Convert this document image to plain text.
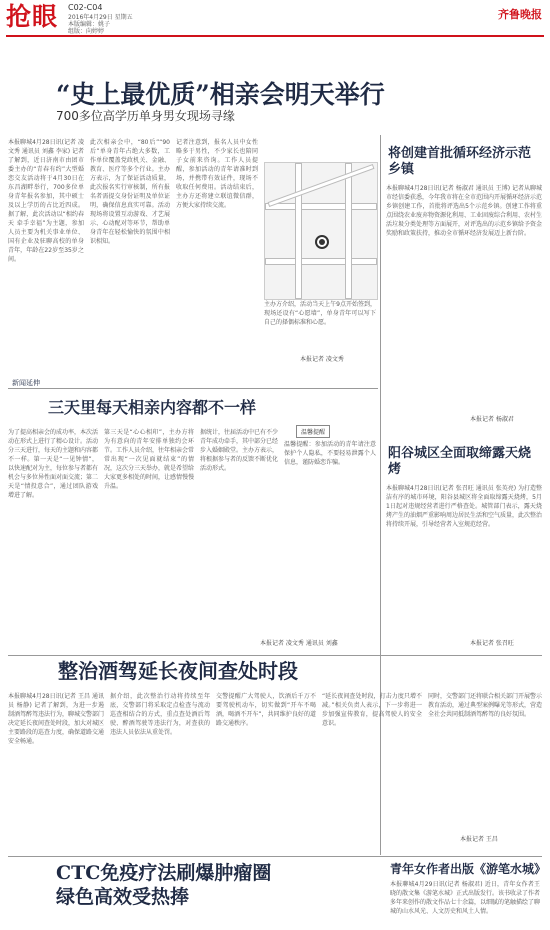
抢眼 C02-C04
2016年4月29日 星期五
本版编辑：姚子
组版：向婷婷
齐鲁晚报
“史上最优质”相亲会明天举行
700多位高学历单身男女现场寻缘
本报聊城4月28日讯(记者 凌文秀 通讯员 刘鑫 李家) 记者了解到，近日济南市由团市委主办的“青春有约”大型婚恋交友活动将于4月30日在东昌湖畔举行，700多位单身青年报名参加，其中硕士及以上学历的占比近四成。据了解，此次活动以“相约春天 牵手幸福”为主题，参加人员主要为机关事业单位、国有企业及驻聊高校的单身青年，年龄在22岁至35岁之间。
此次相亲会中，“80后”“90后”单身青年占绝大多数，工作单位覆盖党政机关、金融、教育、医疗等多个行业。主办方表示，为了保证活动质量，此次报名实行审核制，所有报名者需提交身份证明及单位证明，确保信息真实可靠。活动现场将设置互动游戏、才艺展示、心动配对等环节，帮助单身青年在轻松愉快的氛围中相识相知。
记者注意到，报名人员中女性略多于男性，不少家长也陪同子女前来咨询。工作人员提醒，参加活动的青年请准时到场，并携带有效证件，现场不收取任何费用。活动结束后，主办方还将建立联谊微信群，方便大家持续交流。
主办方介绍，活动当天上午9点开始签到，现场还设有“心愿墙”，单身青年可以写下自己的择偶标准和心愿。
本报记者 凌文秀
将创建首批循环经济示范乡镇
本报聊城4月28日讯(记者 杨淑君 通讯员 王博) 记者从聊城市经信委获悉，今年我市将在全市范围内开展循环经济示范乡镇创建工作，首批将评选出5个示范乡镇。创建工作将重点围绕农业废弃物资源化利用、工业固废综合利用、农村生活垃圾分类处理等方面展开，对评选出的示范乡镇给予资金奖励和政策扶持，推动全市循环经济发展迈上新台阶。
本报记者 杨淑君
新闻延伸
三天里每天相亲内容都不一样
为了提高相亲会的成功率，本次活动在形式上进行了精心设计。活动分三天进行，每天的主题和内容都不一样。第一天是“一见钟情”，以快速配对为主，每位参与者都有机会与多位异性面对面交流；第二天是“情投意合”，通过团队游戏增进了解。
第三天是“心心相印”，主办方将为有意向的青年安排单独约会环节。工作人员介绍，往年相亲会常常出现“一次见面就结束”的情况，这次分三天举办，就是希望给大家更多相处的时间，让感情慢慢升温。
据统计，往届活动中已有不少青年成功牵手，其中部分已经步入婚姻殿堂。主办方表示，将根据参与者的反馈不断优化活动形式。
温馨提醒
温馨提醒：参加活动的青年请注意保护个人隐私，不要轻易泄露个人信息，谨防婚恋诈骗。
本报记者 凌文秀 通讯员 刘鑫
阳谷城区全面取缔露天烧烤
本报聊城4月28日讯(记者 张召旺 通讯员 张英亮) 为打造整洁有序的城市环境，阳谷县城区将全面取缔露天烧烤，5月1日起对违规经营者进行严格查处。城管部门表示，露天烧烤产生的油烟严重影响周边居民生活和空气质量，此次整治将持续开展，引导经营者入室规范经营。
本报记者 张召旺
整治酒驾延长夜间查处时段
本报聊城4月28日讯(记者 王昌 通讯员 杨静) 记者了解到，为进一步遏制酒驾醉驾违法行为，聊城交警部门决定延长夜间查处时段，加大对城区主要路段的巡查力度，确保道路交通安全畅通。
据介绍，此次整治行动将持续至年底，交警部门将采取定点检查与流动巡查相结合的方式，重点查处酒后驾驶、醉酒驾驶等违法行为，对查获的违法人员依法从重处罚。
交警提醒广大驾驶人，饮酒后千万不要驾驶机动车，切实做到“开车不喝酒，喝酒不开车”，共同维护良好的道路交通秩序。
“延长夜间查处时段，打击力度只增不减。”相关负责人表示，下一步将进一步加强宣传教育，提高驾驶人的安全意识。
同时，交警部门还将联合相关部门开展警示教育活动，通过典型案例曝光等形式，营造全社会共同抵制酒驾醉驾的良好氛围。
本报记者 王昌
CTC免疫疗法刷爆肿瘤圈
绿色高效受热捧
青年女作者出版《游笔水城》
本报聊城4月29日讯(记者 杨淑君) 近日，青年女作者王晓的散文集《游笔水城》正式出版发行。该书收录了作者多年来创作的散文作品七十余篇，以细腻的笔触描绘了聊城的山水风光、人文历史和风土人情。
